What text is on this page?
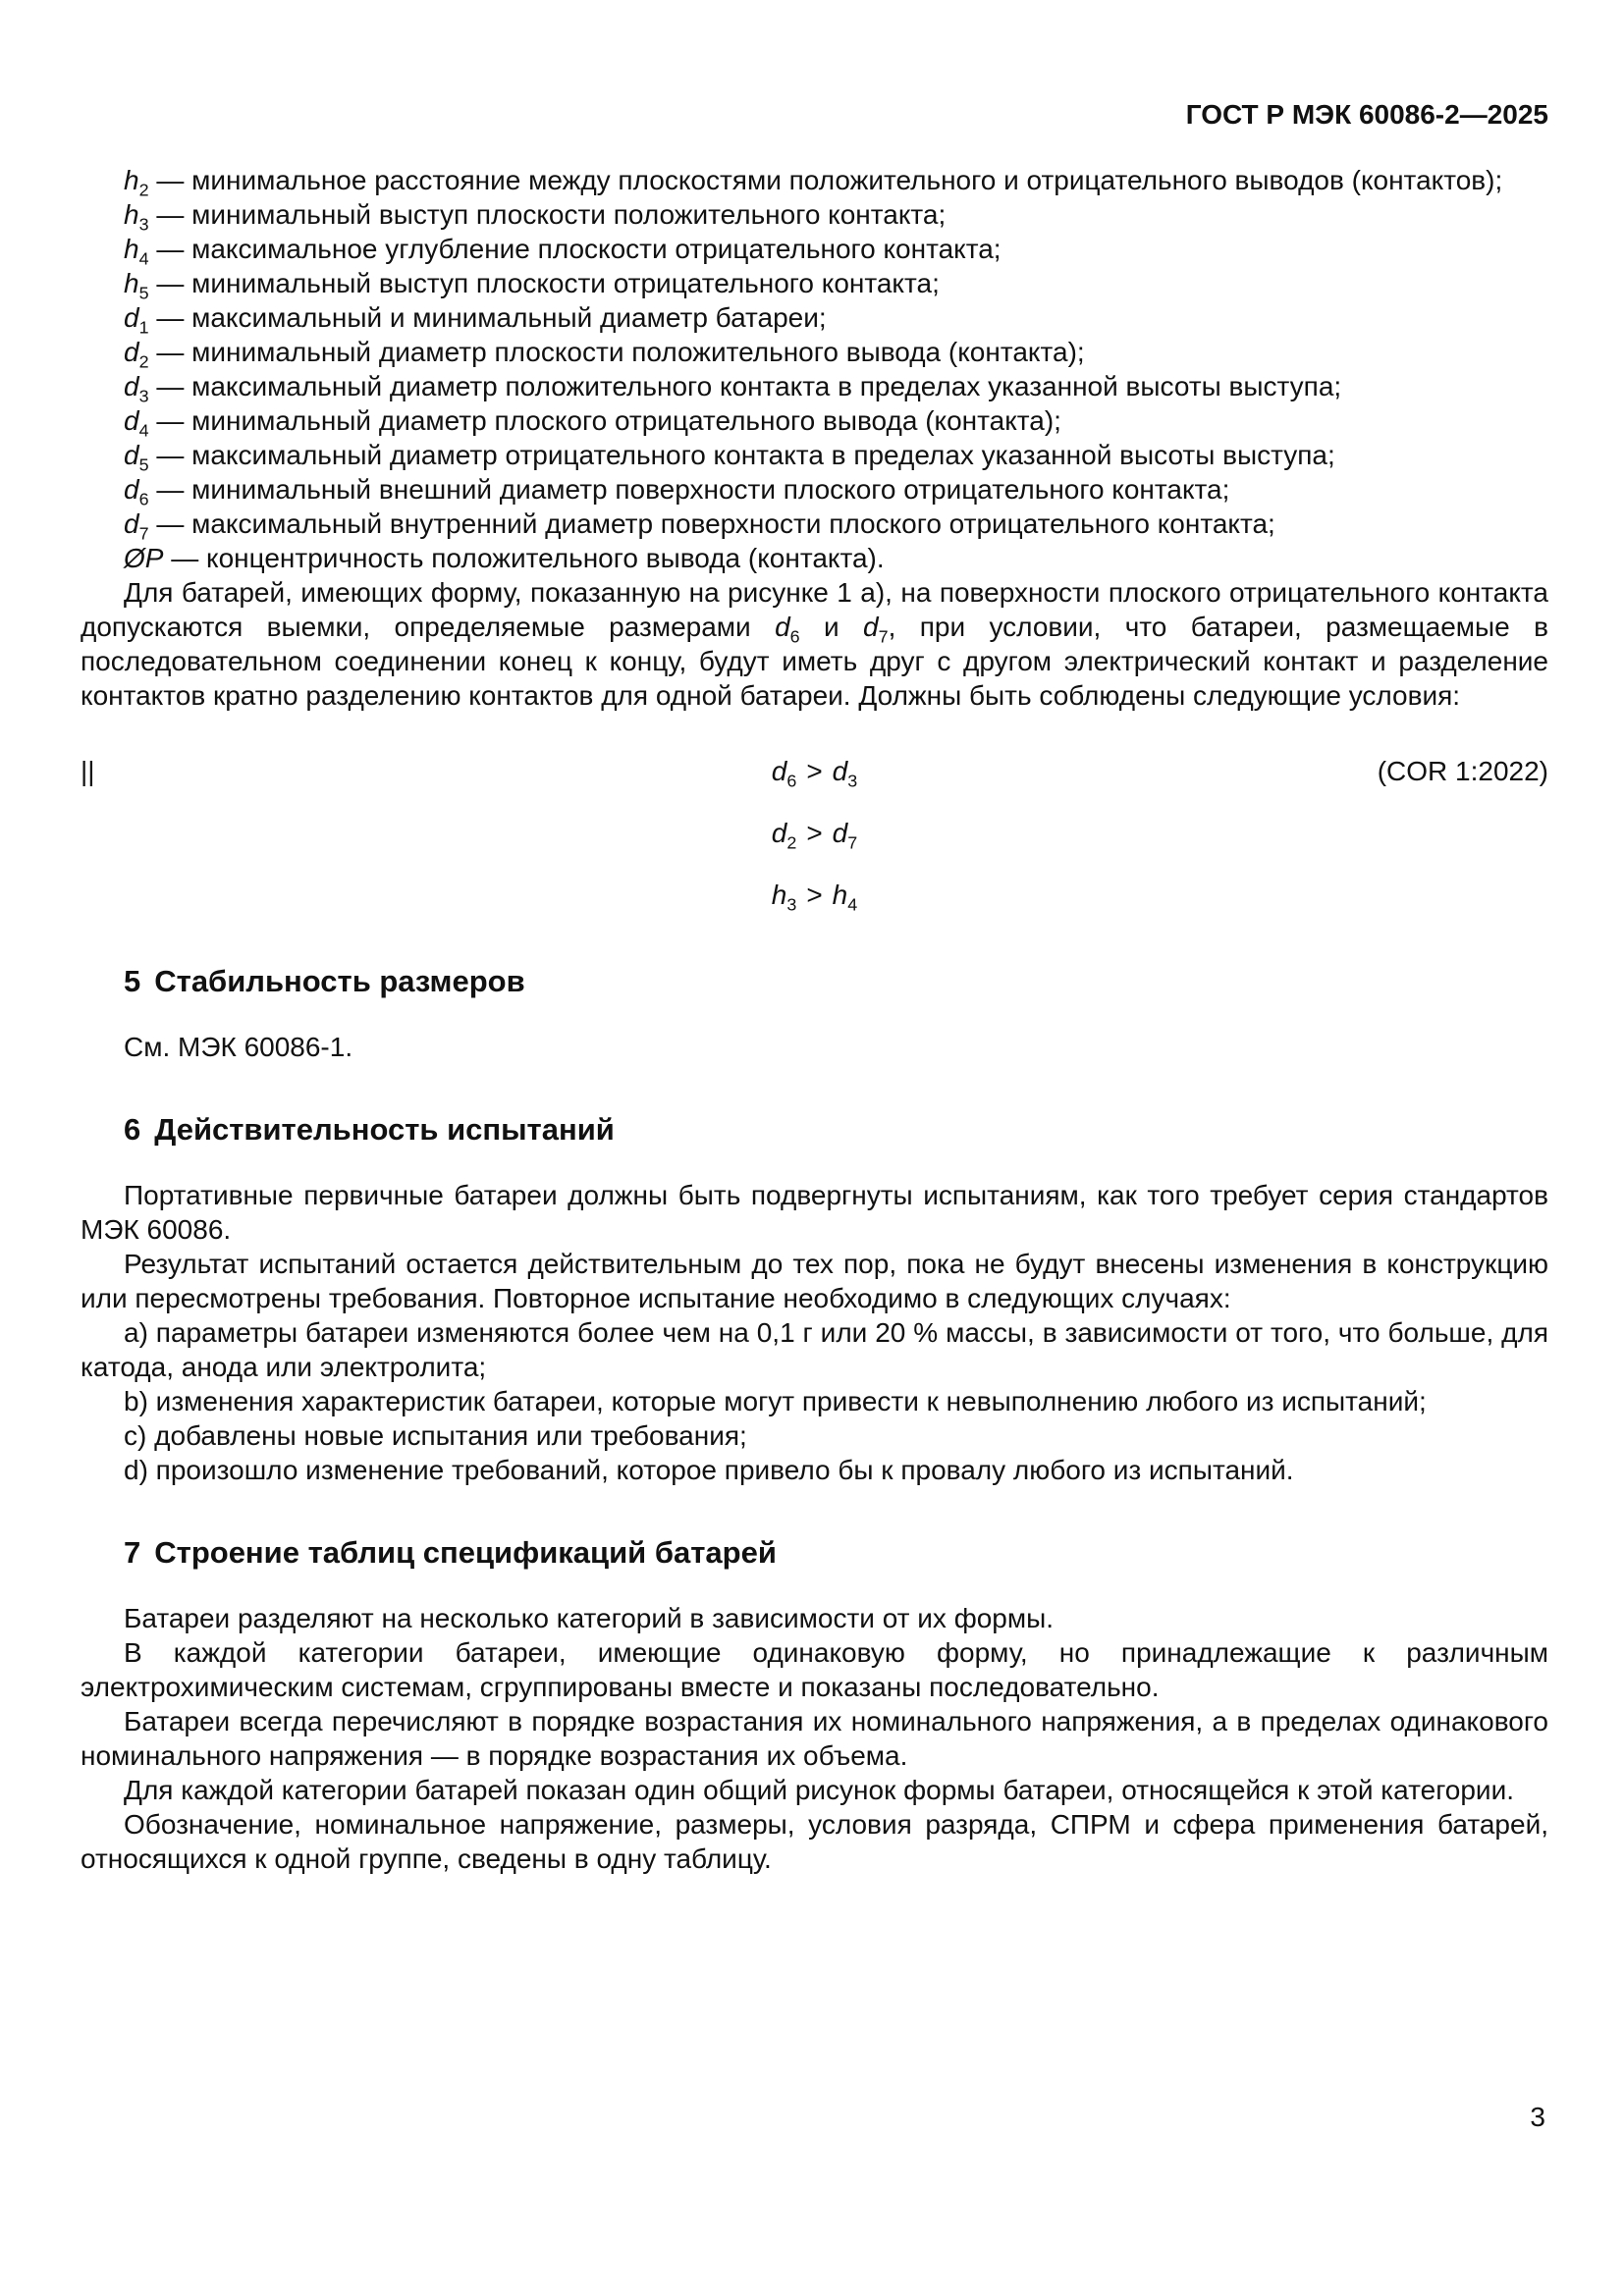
ГОСТ Р МЭК 60086-2—2025

$h_2$ — минимальное расстояние между плоскостями положительного и отрицательного выводов (контактов);

$h_3$ — минимальный выступ плоскости положительного контакта;

$h_4$ — максимальное углубление плоскости отрицательного контакта;

$h_5$ — минимальный выступ плоскости отрицательного контакта;

$d_1$ — максимальный и минимальный диаметр батареи;

$d_2$ — минимальный диаметр плоскости положительного вывода (контакта);

$d_3$ — максимальный диаметр положительного контакта в пределах указанной высоты выступа;

$d_4$ — минимальный диаметр плоского отрицательного вывода (контакта);

$d_5$ — максимальный диаметр отрицательного контакта в пределах указанной высоты выступа;

$d_6$ — минимальный внешний диаметр поверхности плоского отрицательного контакта;

$d_7$ — максимальный внутренний диаметр поверхности плоского отрицательного контакта;

ØP — концентричность положительного вывода (контакта).

Для батарей, имеющих форму, показанную на рисунке 1 а), на поверхности плоского отрицательного контакта допускаются выемки, определяемые размерами $d_6$ и $d_7$, при условии, что батареи, размещаемые в последовательном соединении конец к концу, будут иметь друг с другом электрический контакт и разделение контактов кратно разделению контактов для одной батареи. Должны быть соблюдены следующие условия:

||	$d_6 > d_3$	(COR 1:2022)
$d_2 > d_7$
$h_3 > h_4$
5 Стабильность размеров

См. МЭК 60086-1.

6 Действительность испытаний

Портативные первичные батареи должны быть подвергнуты испытаниям, как того требует серия стандартов МЭК 60086.

Результат испытаний остается действительным до тех пор, пока не будут внесены изменения в конструкцию или пересмотрены требования. Повторное испытание необходимо в следующих случаях:

a) параметры батареи изменяются более чем на 0,1 г или 20 % массы, в зависимости от того, что больше, для катода, анода или электролита;

b) изменения характеристик батареи, которые могут привести к невыполнению любого из испытаний;

c) добавлены новые испытания или требования;

d) произошло изменение требований, которое привело бы к провалу любого из испытаний.

7 Строение таблиц спецификаций батарей

Батареи разделяют на несколько категорий в зависимости от их формы.

В каждой категории батареи, имеющие одинаковую форму, но принадлежащие к различным электрохимическим системам, сгруппированы вместе и показаны последовательно.

Батареи всегда перечисляют в порядке возрастания их номинального напряжения, а в пределах одинакового номинального напряжения — в порядке возрастания их объема.

Для каждой категории батарей показан один общий рисунок формы батареи, относящейся к этой категории.

Обозначение, номинальное напряжение, размеры, условия разряда, СПРМ и сфера применения батарей, относящихся к одной группе, сведены в одну таблицу.

3
